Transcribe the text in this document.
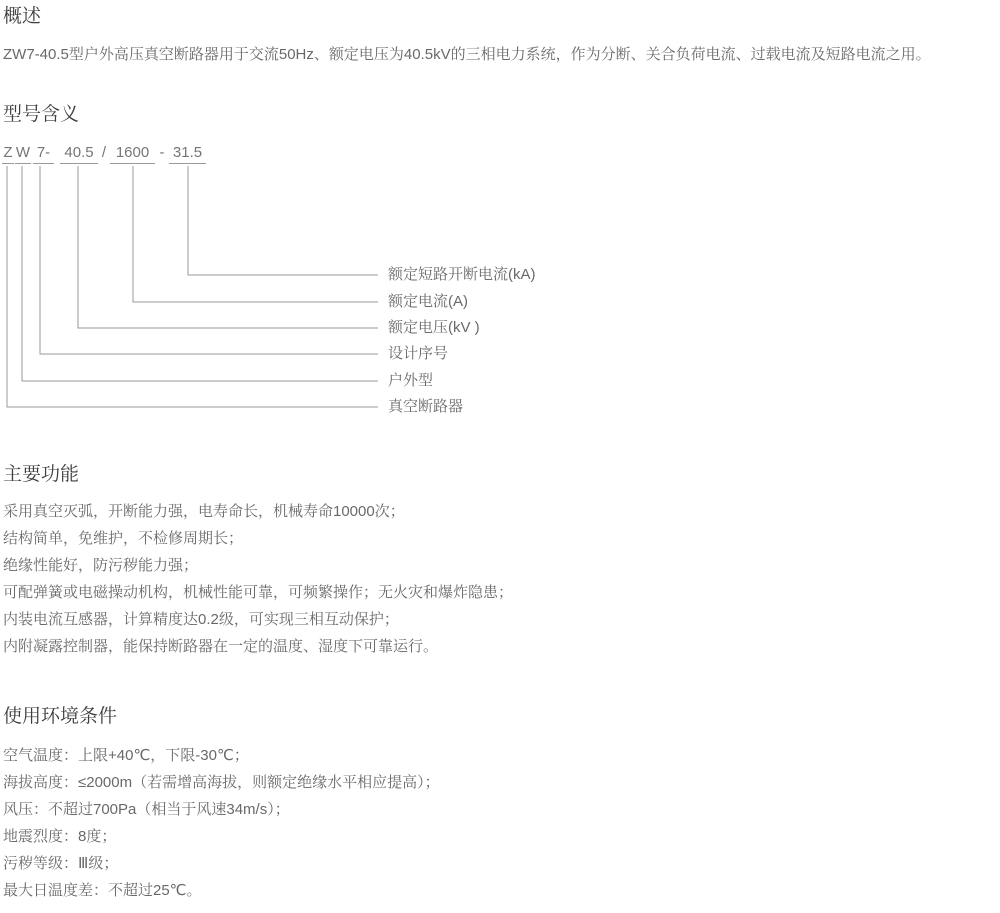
概述

ZW7-40.5型户外高压真空断路器用于交流50Hz、额定电压为40.5kV的三相电力系统，作为分断、关合负荷电流、过载电流及短路电流之用。

型号含义
Z W 7- 40.5 / 1600 - 31.5
额定短路开断电流(kA)
额定电流(A)
额定电压(kV )
设计序号
户外型
真空断路器
主要功能
采用真空灭弧，开断能力强，电寿命长，机械寿命10000次；
结构简单，免维护，不检修周期长；
绝缘性能好，防污秽能力强；
可配弹簧或电磁操动机构，机械性能可靠，可频繁操作；无火灾和爆炸隐患；
内装电流互感器，计算精度达0.2级，可实现三相互动保护；
内附凝露控制器，能保持断路器在一定的温度、湿度下可靠运行。
使用环境条件
空气温度：上限+40℃，下限-30℃；
海拔高度：≤2000m（若需增高海拔，则额定绝缘水平相应提高）；
风压：不超过700Pa（相当于风速34m/s）；
地震烈度：8度；
污秽等级：Ⅲ级；
最大日温度差：不超过25℃。
